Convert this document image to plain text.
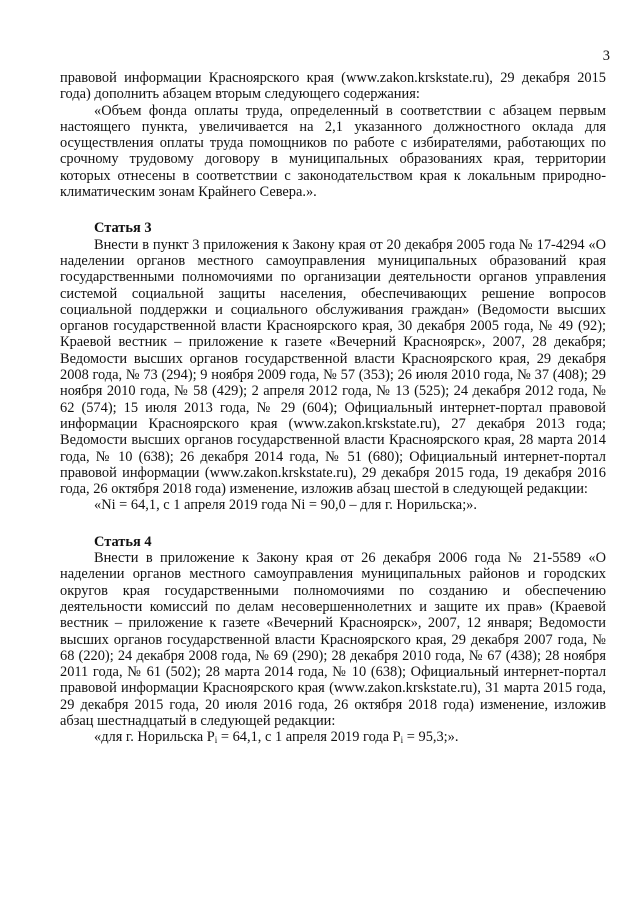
3

правовой информации Красноярского края (www.zakon.krskstate.ru), 29 декабря 2015 года) дополнить абзацем вторым следующего содержания:

«Объем фонда оплаты труда, определенный в соответствии с абзацем первым настоящего пункта, увеличивается на 2,1 указанного должностного оклада для осуществления оплаты труда помощников по работе с избирателями, работающих по срочному трудовому договору в муниципальных образованиях края, территории которых отнесены в соответствии с законодательством края к локальным природно-климатическим зонам Крайнего Севера.».

Статья 3

Внести в пункт 3 приложения к Закону края от 20 декабря 2005 года № 17-4294 «О наделении органов местного самоуправления муниципальных образований края государственными полномочиями по организации деятельности органов управления системой социальной защиты населения, обеспечивающих решение вопросов социальной поддержки и социального обслуживания граждан» (Ведомости высших органов государственной власти Красноярского края, 30 декабря 2005 года, № 49 (92); Краевой вестник – приложение к газете «Вечерний Красноярск», 2007, 28 декабря; Ведомости высших органов государственной власти Красноярского края, 29 декабря 2008 года, № 73 (294); 9 ноября 2009 года, № 57 (353); 26 июля 2010 года, № 37 (408); 29 ноября 2010 года, № 58 (429); 2 апреля 2012 года, № 13 (525); 24 декабря 2012 года, № 62 (574); 15 июля 2013 года, № 29 (604); Официальный интернет-портал правовой информации Красноярского края (www.zakon.krskstate.ru), 27 декабря 2013 года; Ведомости высших органов государственной власти Красноярского края, 28 марта 2014 года, № 10 (638); 26 декабря 2014 года, № 51 (680); Официальный интернет-портал правовой информации (www.zakon.krskstate.ru), 29 декабря 2015 года, 19 декабря 2016 года, 26 октября 2018 года) изменение, изложив абзац шестой в следующей редакции:

«Ni = 64,1, с 1 апреля 2019 года Ni = 90,0 – для г. Норильска;».

Статья 4

Внести в приложение к Закону края от 26 декабря 2006 года № 21-5589 «О наделении органов местного самоуправления муниципальных районов и городских округов края государственными полномочиями по созданию и обеспечению деятельности комиссий по делам несовершеннолетних и защите их прав» (Краевой вестник – приложение к газете «Вечерний Красноярск», 2007, 12 января; Ведомости высших органов государственной власти Красноярского края, 29 декабря 2007 года, № 68 (220); 24 декабря 2008 года, № 69 (290); 28 декабря 2010 года, № 67 (438); 28 ноября 2011 года, № 61 (502); 28 марта 2014 года, № 10 (638); Официальный интернет-портал правовой информации Красноярского края (www.zakon.krskstate.ru), 31 марта 2015 года, 29 декабря 2015 года, 20 июля 2016 года, 26 октября 2018 года) изменение, изложив абзац шестнадцатый в следующей редакции:

«для г. Норильска $P_i = 64,1$, с 1 апреля 2019 года $P_i = 95,3$;».
